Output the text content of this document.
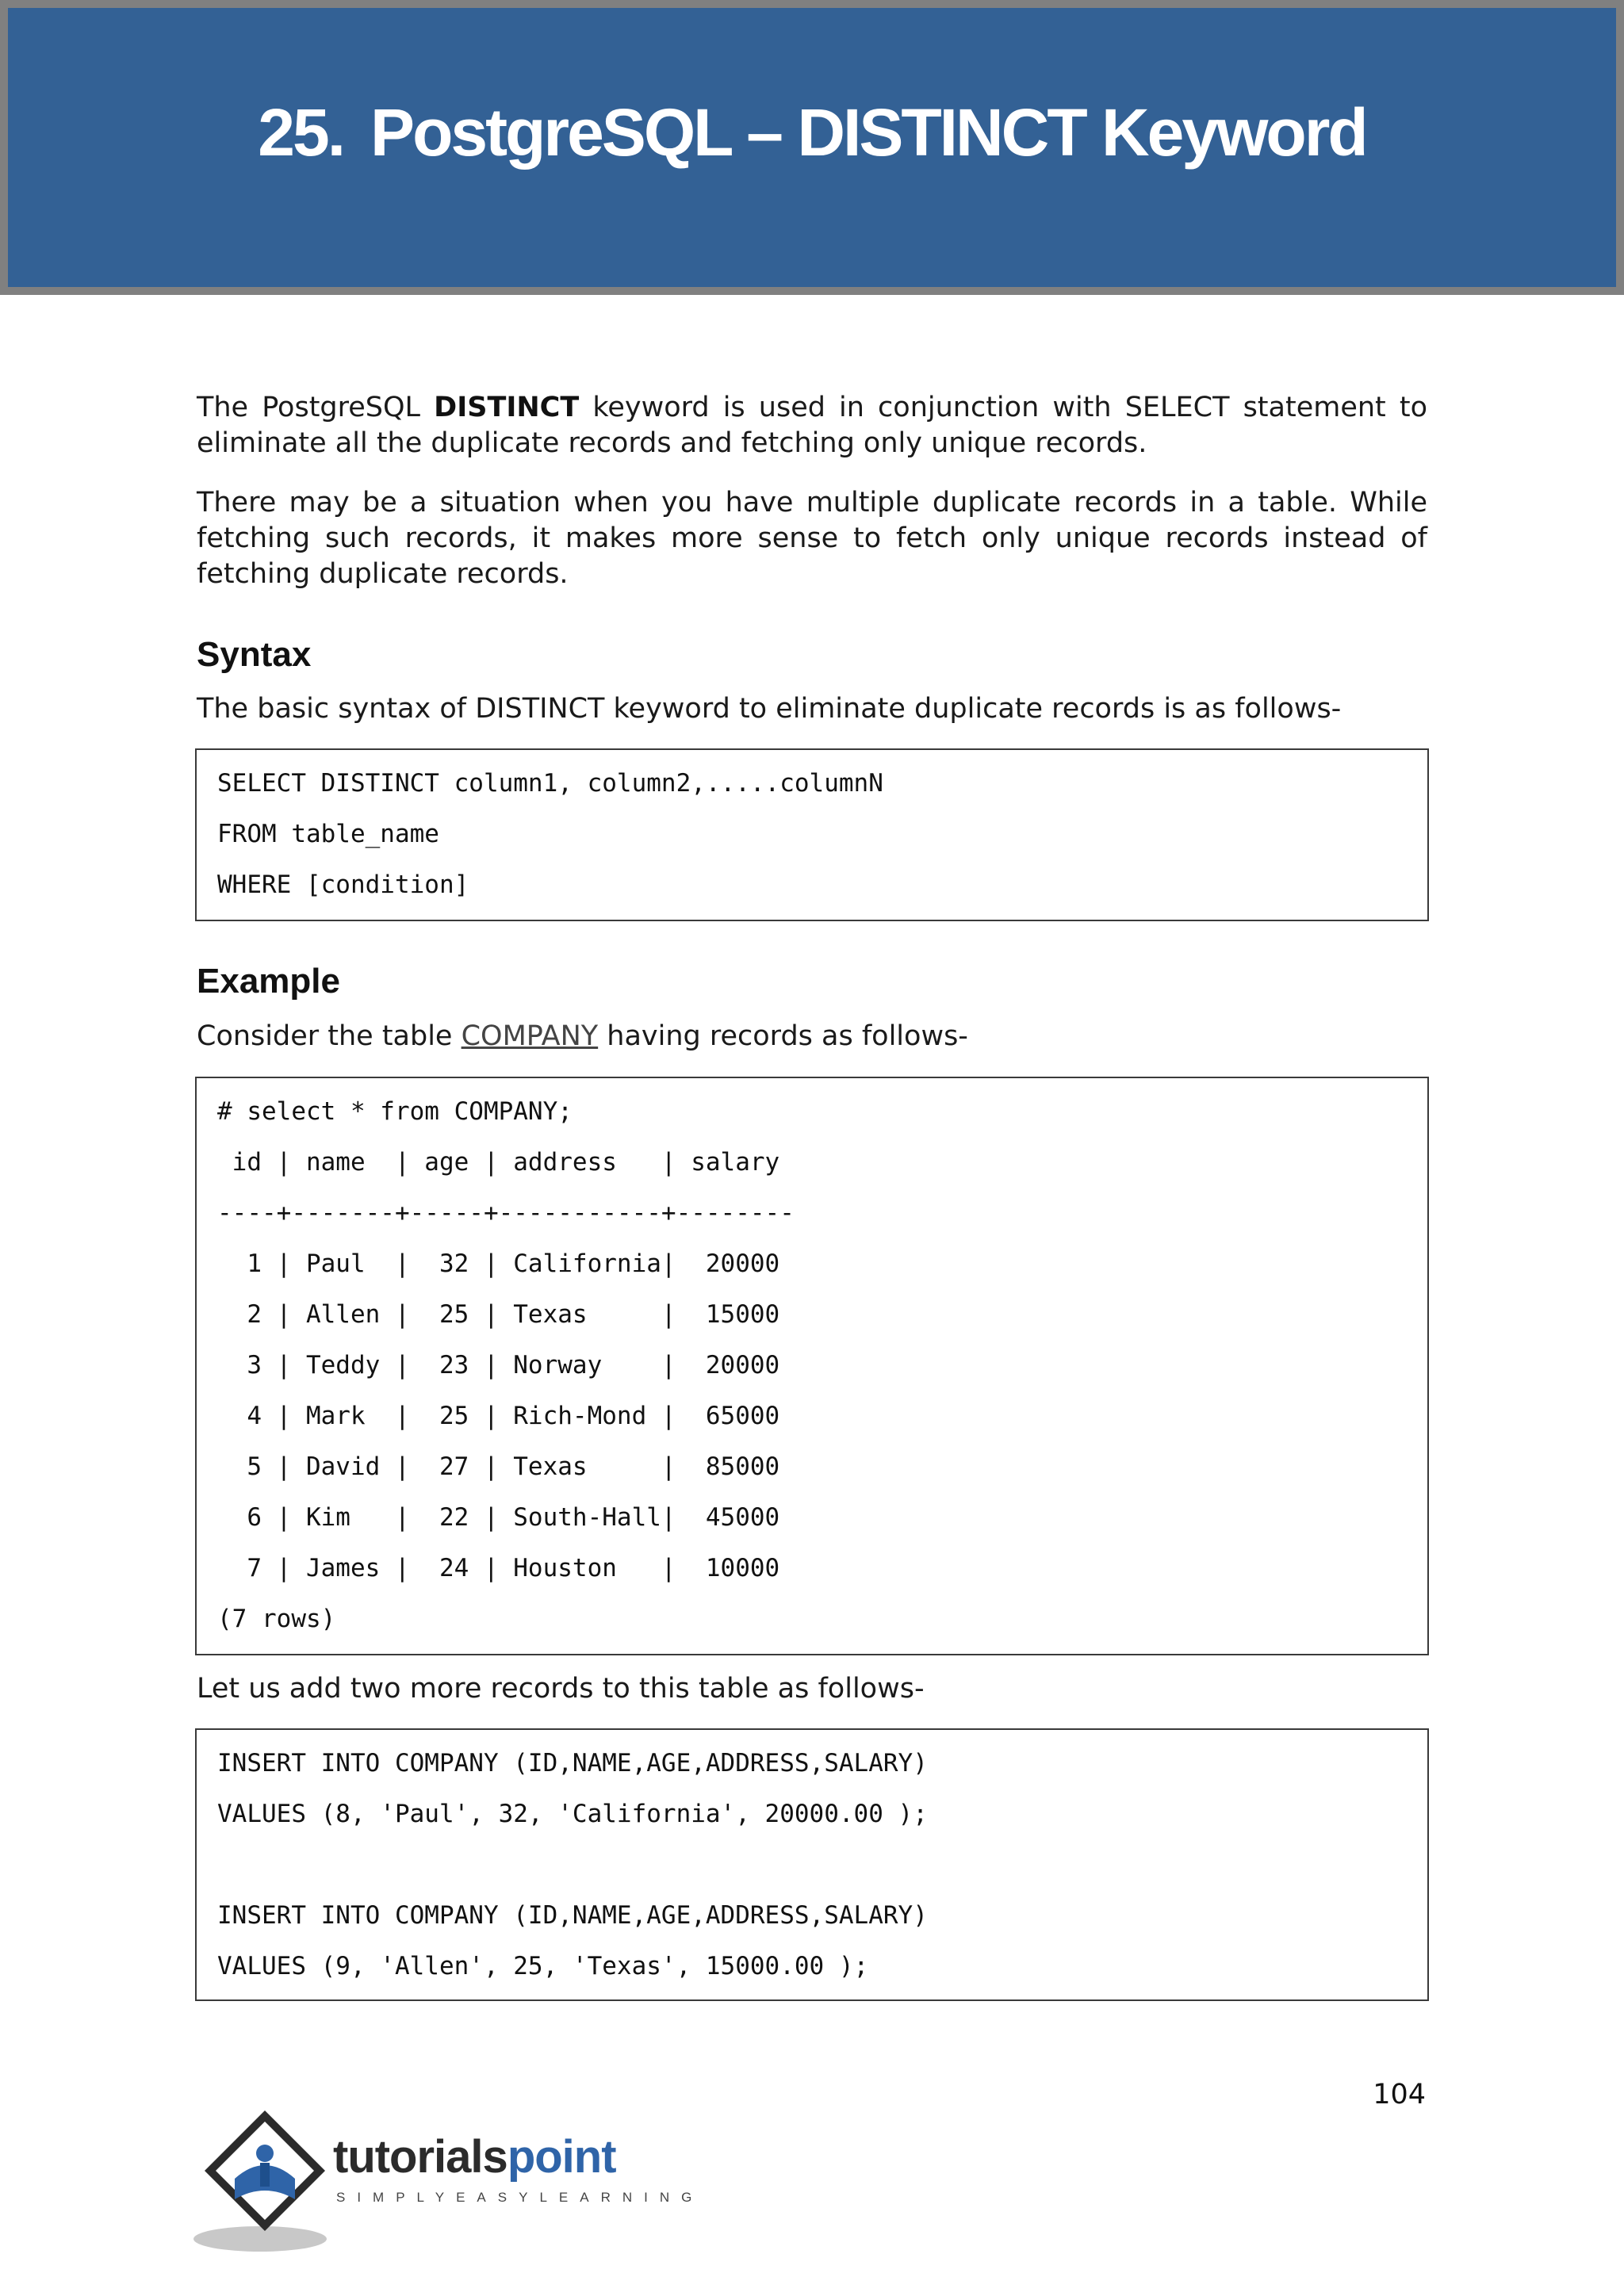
25. PostgreSQL – DISTINCT Keyword

The PostgreSQL DISTINCT keyword is used in conjunction with SELECT statement to eliminate all the duplicate records and fetching only unique records.

There may be a situation when you have multiple duplicate records in a table. While fetching such records, it makes more sense to fetch only unique records instead of fetching duplicate records.

Syntax

The basic syntax of DISTINCT keyword to eliminate duplicate records is as follows-

SELECT DISTINCT column1, column2,.....columnN
FROM table_name
WHERE [condition]
Example

Consider the table COMPANY having records as follows-

# select * from COMPANY;
id | name  | age | address   | salary
----+-------+-----+-----------+--------
1 | Paul  |  32 | California|  20000
2 | Allen |  25 | Texas     |  15000
3 | Teddy |  23 | Norway    |  20000
4 | Mark  |  25 | Rich-Mond |  65000
5 | David |  27 | Texas     |  85000
6 | Kim   |  22 | South-Hall|  45000
7 | James |  24 | Houston   |  10000
(7 rows)

Let us add two more records to this table as follows-

INSERT INTO COMPANY (ID,NAME,AGE,ADDRESS,SALARY)
VALUES (8, 'Paul', 32, 'California', 20000.00 );
INSERT INTO COMPANY (ID,NAME,AGE,ADDRESS,SALARY)
VALUES (9, 'Allen', 25, 'Texas', 15000.00 );
104
tutorialspoint
SIMPLYEASYLEARNING
